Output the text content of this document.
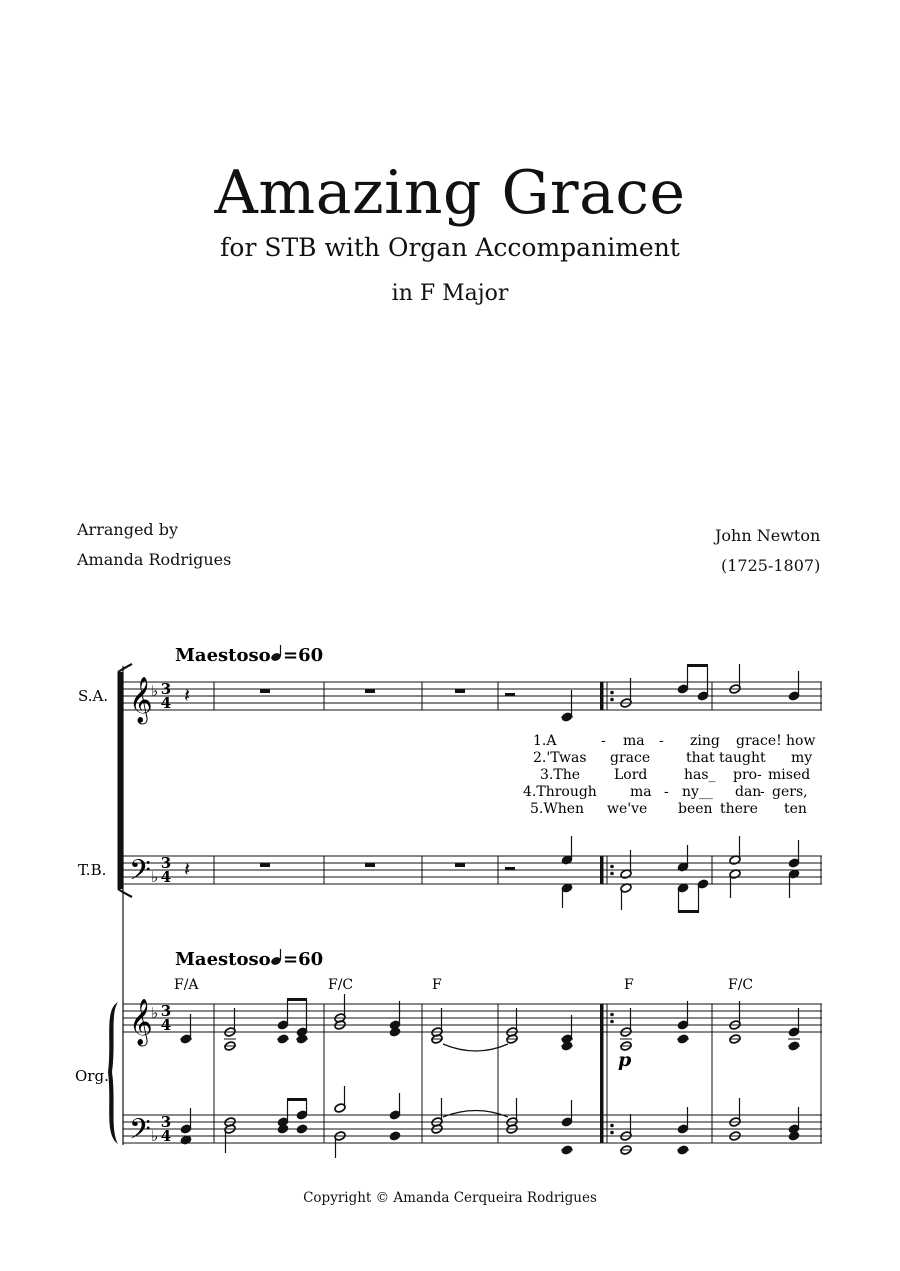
Amazing Grace
for STB with Organ Accompaniment
in F Major
Arranged by
Amanda Rodrigues
John Newton
(1725-1807)
𝄞
𝄢
𝄞
𝄢
♭
♭
♭
♭
3
4
3
4
3
4
3
4
S.A.
T.B.
Org.
Maestoso =60
Maestoso =60
F/A	F/C	F	F	F/C
𝄽
1.A	- ma - zing grace! how
2.'Twas grace	that taught my
3.The Lord	has_ pro - mised
4.Through ma - ny__ dan
- gers,
5.When we've been there ten
𝄽
p
Copyright © Amanda Cerqueira Rodrigues
